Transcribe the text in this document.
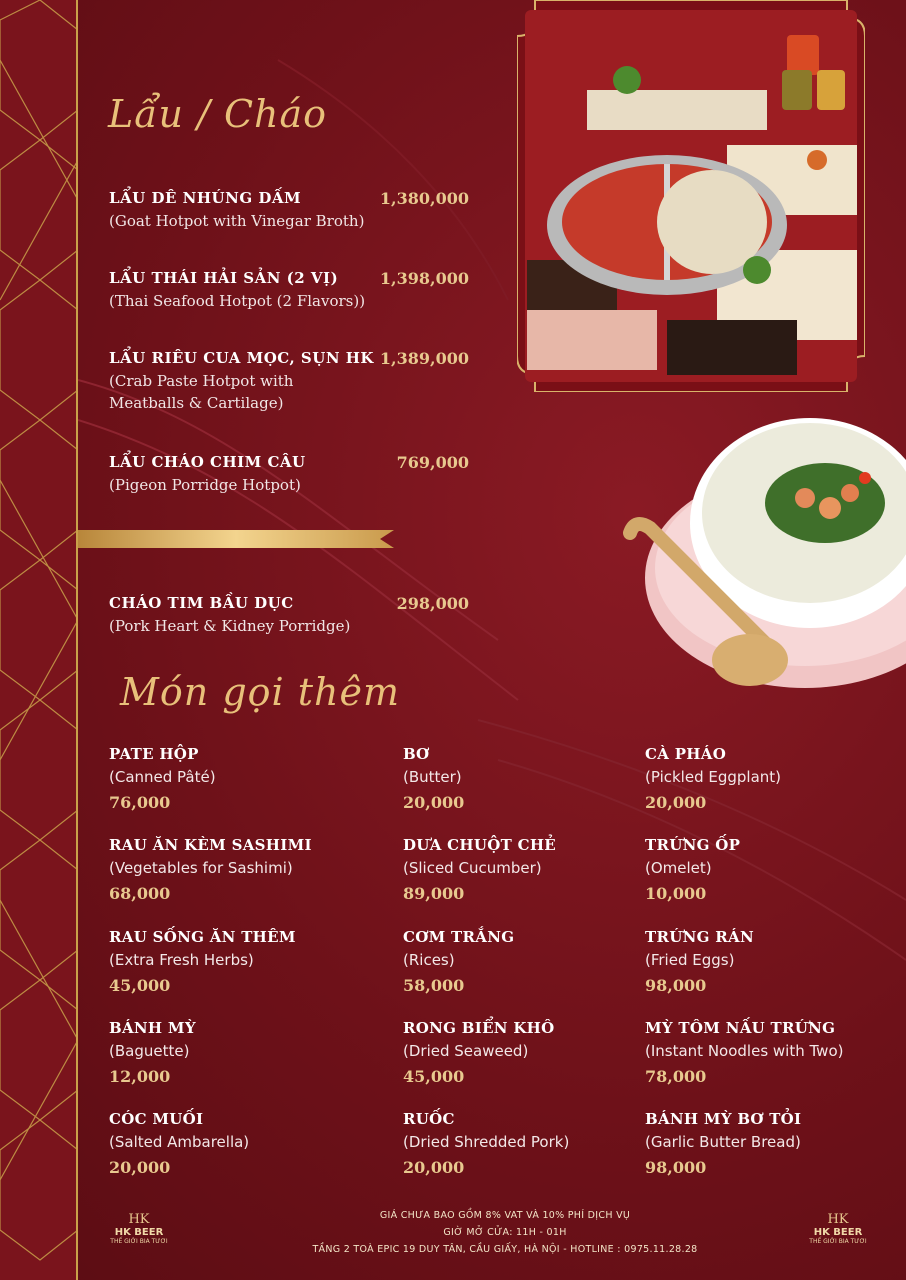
Lẩu / Cháo
LẨU DÊ NHÚNG DẤM
(Goat Hotpot with Vinegar Broth)
1,380,000
LẨU THÁI HẢI SẢN (2 VỊ)
(Thai Seafood Hotpot (2 Flavors))
1,398,000
LẨU RIÊU CUA MỌC, SỤN HK
(Crab Paste Hotpot with Meatballs & Cartilage)
1,389,000
LẨU CHÁO CHIM CÂU
(Pigeon Porridge Hotpot)
769,000
CHÁO TIM BẦU DỤC
(Pork Heart & Kidney Porridge)
298,000
Món gọi thêm
PATE HỘP
(Canned Pâté)
76,000
BƠ
(Butter)
20,000
CÀ PHÁO
(Pickled Eggplant)
20,000
RAU ĂN KÈM SASHIMI
(Vegetables for Sashimi)
68,000
DƯA CHUỘT CHẺ
(Sliced Cucumber)
89,000
TRỨNG ỐP
(Omelet)
10,000
RAU SỐNG ĂN THÊM
(Extra Fresh Herbs)
45,000
CƠM TRẮNG
(Rices)
58,000
TRỨNG RÁN
(Fried Eggs)
98,000
BÁNH MỲ
(Baguette)
12,000
RONG BIỂN KHÔ
(Dried Seaweed)
45,000
MỲ TÔM NẤU TRỨNG
(Instant Noodles with Two)
78,000
CÓC MUỐI
(Salted Ambarella)
20,000
RUỐC
(Dried Shredded Pork)
20,000
BÁNH MỲ BƠ TỎI
(Garlic Butter Bread)
98,000
HK
HK BEER
THẾ GIỚI BIA TƯƠI
HK
HK BEER
THẾ GIỚI BIA TƯƠI
GIÁ CHƯA BAO GỒM 8% VAT VÀ 10% PHÍ DỊCH VỤ
GIỜ MỞ CỬA: 11H - 01H
TẦNG 2 TOÀ EPIC 19 DUY TÂN, CẦU GIẤY, HÀ NỘI - HOTLINE : 0975.11.28.28
